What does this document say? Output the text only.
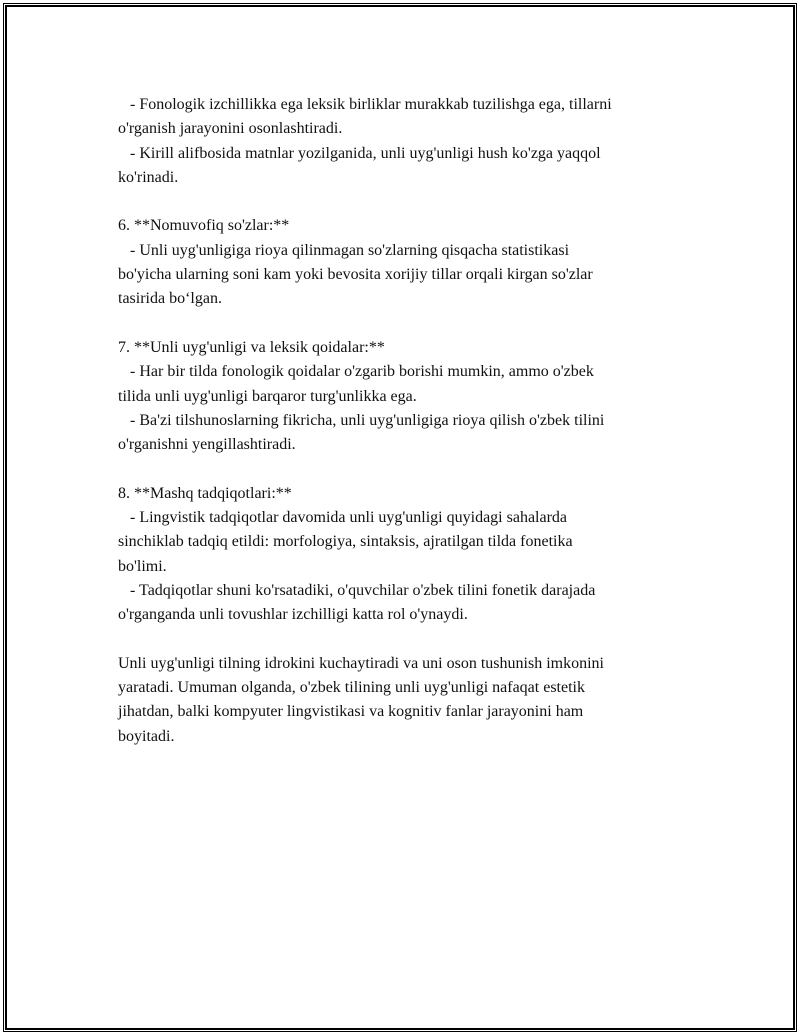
- Fonologik izchillikka ega leksik birliklar murakkab tuzilishga ega, tillarni
o'rganish jarayonini osonlashtiradi.
- Kirill alifbosida matnlar yozilganida, unli uyg'unligi hush ko'zga yaqqol
ko'rinadi.
6. **Nomuvofiq so'zlar:**
- Unli uyg'unligiga rioya qilinmagan so'zlarning qisqacha statistikasi
bo'yicha ularning soni kam yoki bevosita xorijiy tillar orqali kirgan so'zlar
tasirida boʻlgan.
7. **Unli uyg'unligi va leksik qoidalar:**
- Har bir tilda fonologik qoidalar o'zgarib borishi mumkin, ammo o'zbek
tilida unli uyg'unligi barqaror turg'unlikka ega.
- Ba'zi tilshunoslarning fikricha, unli uyg'unligiga rioya qilish o'zbek tilini
o'rganishni yengillashtiradi.
8. **Mashq tadqiqotlari:**
- Lingvistik tadqiqotlar davomida unli uyg'unligi quyidagi sahalarda
sinchiklab tadqiq etildi: morfologiya, sintaksis, ajratilgan tilda fonetika
bo'limi.
- Tadqiqotlar shuni ko'rsatadiki, o'quvchilar o'zbek tilini fonetik darajada
o'rganganda unli tovushlar izchilligi katta rol o'ynaydi.
Unli uyg'unligi tilning idrokini kuchaytiradi va uni oson tushunish imkonini
yaratadi. Umuman olganda, o'zbek tilining unli uyg'unligi nafaqat estetik
jihatdan, balki kompyuter lingvistikasi va kognitiv fanlar jarayonini ham
boyitadi.
